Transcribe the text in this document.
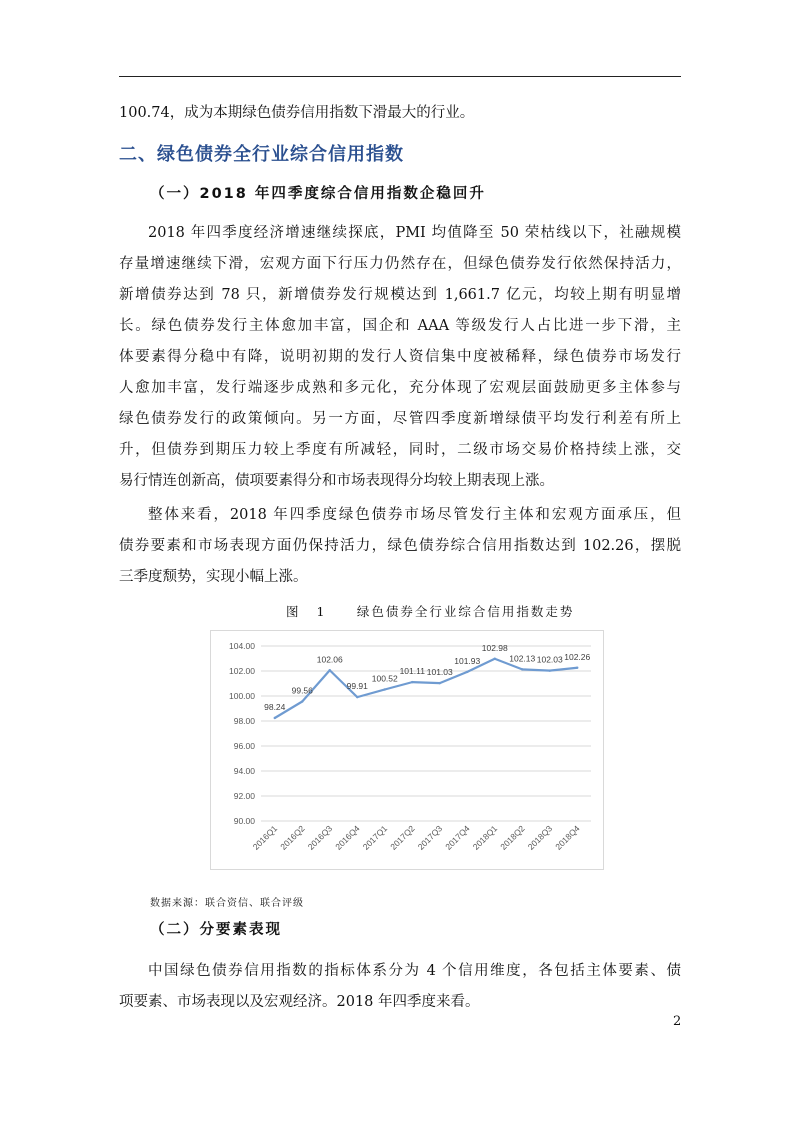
100.74，成为本期绿色债券信用指数下滑最大的行业。

二、绿色债券全行业综合信用指数
（一）2018 年四季度综合信用指数企稳回升

2018 年四季度经济增速继续探底，PMI 均值降至 50 荣枯线以下，社融规模
存量增速继续下滑，宏观方面下行压力仍然存在，但绿色债券发行依然保持活力，
新增债券达到 78 只，新增债券发行规模达到 1,661.7 亿元，均较上期有明显增
长。绿色债券发行主体愈加丰富，国企和 AAA 等级发行人占比进一步下滑，主
体要素得分稳中有降，说明初期的发行人资信集中度被稀释，绿色债券市场发行
人愈加丰富，发行端逐步成熟和多元化，充分体现了宏观层面鼓励更多主体参与
绿色债券发行的政策倾向。另一方面，尽管四季度新增绿债平均发行利差有所上
升，但债券到期压力较上季度有所减轻，同时，二级市场交易价格持续上涨，交
易行情连创新高，债项要素得分和市场表现得分均较上期表现上涨。

整体来看，2018 年四季度绿色债券市场尽管发行主体和宏观方面承压，但
债券要素和市场表现方面仍保持活力，绿色债券综合信用指数达到 102.26，摆脱
三季度颓势，实现小幅上涨。

图 1　 绿色债券全行业综合信用指数走势

90.00
92.00
94.00
96.00
98.00
100.00
102.00
104.00
2016Q1 2016Q2 2016Q3 2016Q4 2017Q1 2017Q2 2017Q3 2017Q4 2018Q1 2018Q2 2018Q3 2018Q4
98.24
99.56
102.06
99.91
100.52
101.11 101.03
101.93
102.98
102.13 102.03 102.26

数据来源：联合资信、联合评级

（二）分要素表现

中国绿色债券信用指数的指标体系分为 4 个信用维度，各包括主体要素、债
项要素、市场表现以及宏观经济。2018 年四季度来看。

2
